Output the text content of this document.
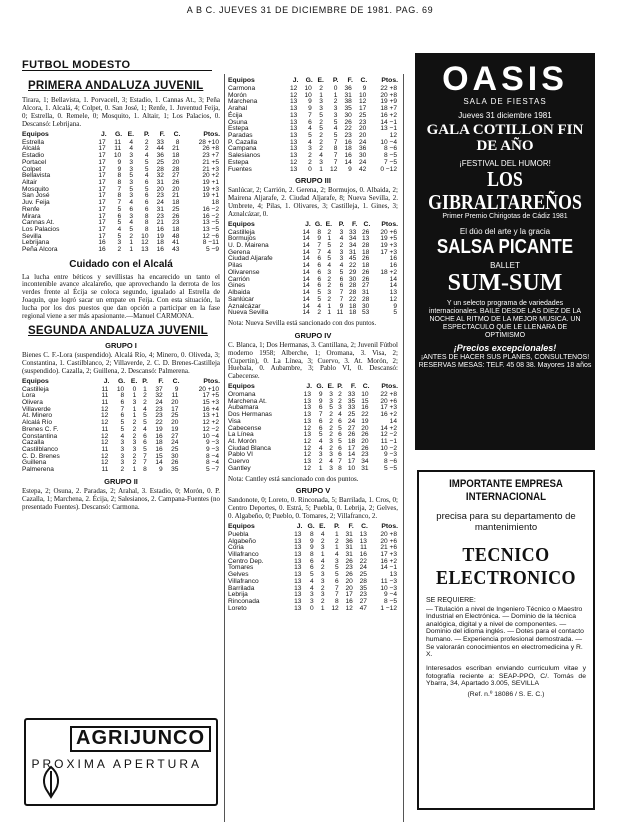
A B C. JUEVES 31 DE DICIEMBRE DE 1981. PAG. 69
FUTBOL MODESTO
PRIMERA ANDALUZA JUVENIL

Tirara, 1; Bellavista, 1. Porvacell, 3; Estadio, 1. Cannas At., 3; Peña Alcora, 1. Alcalá, 4; Colpet, 0. San José, 1; Renfe, 1. Juventud Feija, 0; Estrella, 0. Remele, 0; Mosquito, 1. Altair, 1; Los Palacios, 0. Descansó: Lebrijana.

Equipos	J.	G.	E.	P.	F.	C.	Ptos.
Estrella	17	11	4	2	33	8	28 +10
Alcalá	17	11	4	2	44	21	26 +8
Estadio	17	10	3	4	36	18	23 +7
Portacel	17	9	3	5	25	20	21 +5
Colpet	17	9	3	5	28	28	21 +3
Bellavista	17	8	5	4	32	27	20 +2
Altair	17	8	3	6	31	26	19 +1
Mosquito	17	7	5	5	20	20	19 +3
San José	17	8	3	6	23	21	19 +1
Juv. Feija	17	7	4	6	24	18	18
Renfe	17	5	6	6	31	25	16 −2
Mirara	17	6	3	8	23	26	16 −2
Cannas At.	17	5	4	8	21	23	13 −5
Los Palacios	17	4	5	8	16	18	13 −5
Sevilla	17	5	2	10	19	48	12 −6
Lebrijana	16	3	1	12	18	41	8 −11
Peña Alcora	16	2	1	13	16	43	5 −9
Cuidado con el Alcalá

La lucha entre béticos y sevillistas ha encarecido un tanto el incontenible avance alcalareño, que aprovechando la derrota de los verdes frente al Écija se coloca segundo, igualado al Estrella de Joaquín, que logró sacar un empate en Feija. Con esta situación, la lucha por los dos puestos que dan opción a participar en la fase regional viene a ser más apasionante.—Manuel CARMONA.

SEGUNDA ANDALUZA JUVENIL
GRUPO I

Bienes C. F.-Lora (suspendido). Alcalá Río, 4; Minero, 0. Oliveda, 3; Constantina, 1. Castilblanco, 2; Villaverde, 2. C. D. Brenes-Castilleja (suspendido). Cazalla, 2; Guillena, 2. Descansó: Palmerena.

Equipos	J.	G.	E.	P.	F.	C.	Ptos.
Castilleja	11	10	0	1	37	9	20 +10
Lora	11	8	1	2	32	11	17 +5
Olivera	11	6	3	2	24	20	15 +3
Villaverde	12	7	1	4	23	17	16 +4
At. Minero	12	6	1	5	23	25	13 +1
Alcalá Río	12	5	2	5	22	20	12 +2
Brenes C. F.	11	5	2	4	19	19	12 −2
Constantina	12	4	2	6	16	27	10 −4
Cazalla	12	3	3	6	18	24	9 −3
Castilblanco	11	3	3	5	16	25	9 −3
C. D. Brenes	12	3	2	7	15	30	8 −4
Guillena	12	3	2	7	14	26	8 −4
Palmerena	11	2	1	8	9	35	5 −7
GRUPO II

Estepa, 2; Osuna, 2. Paradas, 2; Arahal, 3. Estadio, 0; Morón, 0. P. Cazalla, 1; Marchena, 2. Écija, 2; Salesianos, 2. Campana-Fuentes (no presentado Fuentes). Descansó: Carmona.

AGRIJUNCO
PROXIMA APERTURA
Equipos	J.	G.	E.	P.	F.	C.	Ptos.
Carmona	12	10	2	0	36	9	22 +8
Morón	12	10	1	1	31	10	20 +8
Marchena	13	9	3	2	38	12	19 +9
Arahal	13	9	3	3	35	17	18 +7
Écija	13	7	5	3	30	25	16 +2
Osuna	13	6	2	5	26	23	14 −1
Estepa	13	4	5	4	22	20	13 −1
Paradas	13	5	2	5	23	20	12
P. Cazalla	13	4	2	7	16	24	10 −4
Campana	13	3	2	8	18	36	8 −6
Salesianos	13	2	4	7	16	30	8 −5
Estepa	12	2	3	7	14	24	7 −5
Fuentes	13	0	1	12	9	42	0 −12
GRUPO III

Sanlúcar, 2; Carrión, 2. Gerena, 2; Bormujos, 0. Albaida, 2; Mairena Aljarafe, 2. Ciudad Aljarafe, 8; Nueva Sevilla, 2. Umbrete, 4; Pilas, 1. Olivares, 3; Castilleja, 1. Gines, 3; Aznalcázar, 0.

Equipos	J.	G.	E.	P.	F.	C.	Ptos.
Castilleja	14	8	2	3	33	26	20 +6
Bormujos	14	9	1	4	34	13	19 +5
U. D. Mairena	14	7	5	2	34	28	19 +3
Gerena	14	7	4	3	31	18	17 +3
Ciudad Aljarafe	14	6	5	3	45	26	16
Pilas	14	6	4	4	22	18	16
Olivarense	14	6	3	5	29	26	18 +2
Carrión	14	6	2	6	30	26	14
Gines	14	6	2	6	28	27	14
Albaida	14	5	3	7	28	31	13
Sanlúcar	14	5	2	7	22	28	12
Aznalcázar	14	4	1	9	18	30	9
Nueva Sevilla	14	2	1	11	18	53	5

Nota: Nueva Sevilla está sancionado con dos puntos.

GRUPO IV

C. Blanca, 1; Dos Hermanas, 3. Cantillana, 2; Juvenil Fútbol moderno 1958; Alberche, 1; Oromana, 3. Visa, 2; (Cupertin), 0. La Línea, 3; Cuervo, 3. At. Morón, 2; Huebala, 0. Aubambre, 3; Pablo VI, 0. Descansó: Cabecense.

Equipos	J.	G.	E.	P.	F.	C.	Ptos.
Oromana	13	9	3	2	33	10	22 +8
Marchena At.	13	9	3	2	35	15	20 +6
Aubamara	13	6	5	3	33	16	17 +3
Dos Hermanas	13	7	2	4	25	22	16 +2
Visa	13	6	2	6	24	19	14
Cabecense	12	6	2	5	27	20	14 +2
La Línea	13	5	2	6	26	26	12 −2
At. Morón	12	4	3	5	18	20	11 −1
Ciudad Blanca	12	4	2	6	17	26	10 −2
Pablo VI	12	3	3	6	14	23	9 −3
Cuervo	13	2	4	7	17	34	8 −6
Gantley	12	1	3	8	10	31	5 −5

Nota: Cantley está sancionado con dos puntos.

GRUPO V

Sandonote, 0; Loreto, 0. Rinconada, 5; Barrilada, 1. Cros, 0; Centro Deportes, 0. Estrá, 5; Puebla, 0. Lebrija, 2; Gelves, 0. Algabeño, 0; Pueblo, 0. Tomares, 2; Villafranco, 2.

Equipos	J.	G.	E.	P.	F.	C.	Ptos.
Puebla	13	8	4	1	31	13	20 +8
Algabeño	13	9	2	2	36	13	20 +6
Coria	13	9	3	1	31	11	21 +6
Villafranco	13	8	1	4	31	16	17 +3
Centro Dep.	13	6	4	3	26	22	16 +2
Tomares	13	6	2	5	23	24	14 −1
Gelves	13	5	3	5	26	25	13
Villafranco	13	4	3	6	20	28	11 −3
Barrilada	13	4	2	7	20	35	10 −3
Lebrija	13	3	3	7	17	23	9 −4
Rinconada	13	3	2	8	16	27	8 −5
Loreto	13	0	1	12	12	47	1 −12
OASIS
SALA DE FIESTAS
Jueves 31 diciembre 1981
GALA COTILLON FIN DE AÑO
¡FESTIVAL DEL HUMOR!
LOS GIBRALTAREÑOS
Primer Premio Chirigotas de Cádiz 1981
El dúo del arte y la gracia
SALSA PICANTE
BALLET
SUM-SUM
Y un selecto programa de variedades internacionales. BAILE DESDE LAS DIEZ DE LA NOCHE AL RITMO DE LA MEJOR MUSICA. UN ESPECTACULO QUE LE LLENARA DE OPTIMISMO
¡Precios excepcionales!
¡ANTES DE HACER SUS PLANES, CONSULTENOS! RESERVAS MESAS: TELF. 45 08 38. Mayores 18 años
IMPORTANTE EMPRESA INTERNACIONAL
precisa para su departamento de mantenimiento
TECNICO ELECTRONICO
SE REQUIERE:
— Titulación a nivel de Ingeniero Técnico o Maestro Industrial en Electrónica. — Dominio de la técnica analógica, digital y a nivel de componentes. — Dominio del idioma inglés. — Dotes para el contacto humano. — Experiencia profesional demostrada. — Se valorarán conocimientos en electromedicina y R. X.
Interesados escriban enviando curriculum vitae y fotografía reciente a: SEAP-PPO, C/. Tomás de Ybarra, 34, Apartado 3.005, SEVILLA
(Ref. n.º 18086 / S. E. C.)
